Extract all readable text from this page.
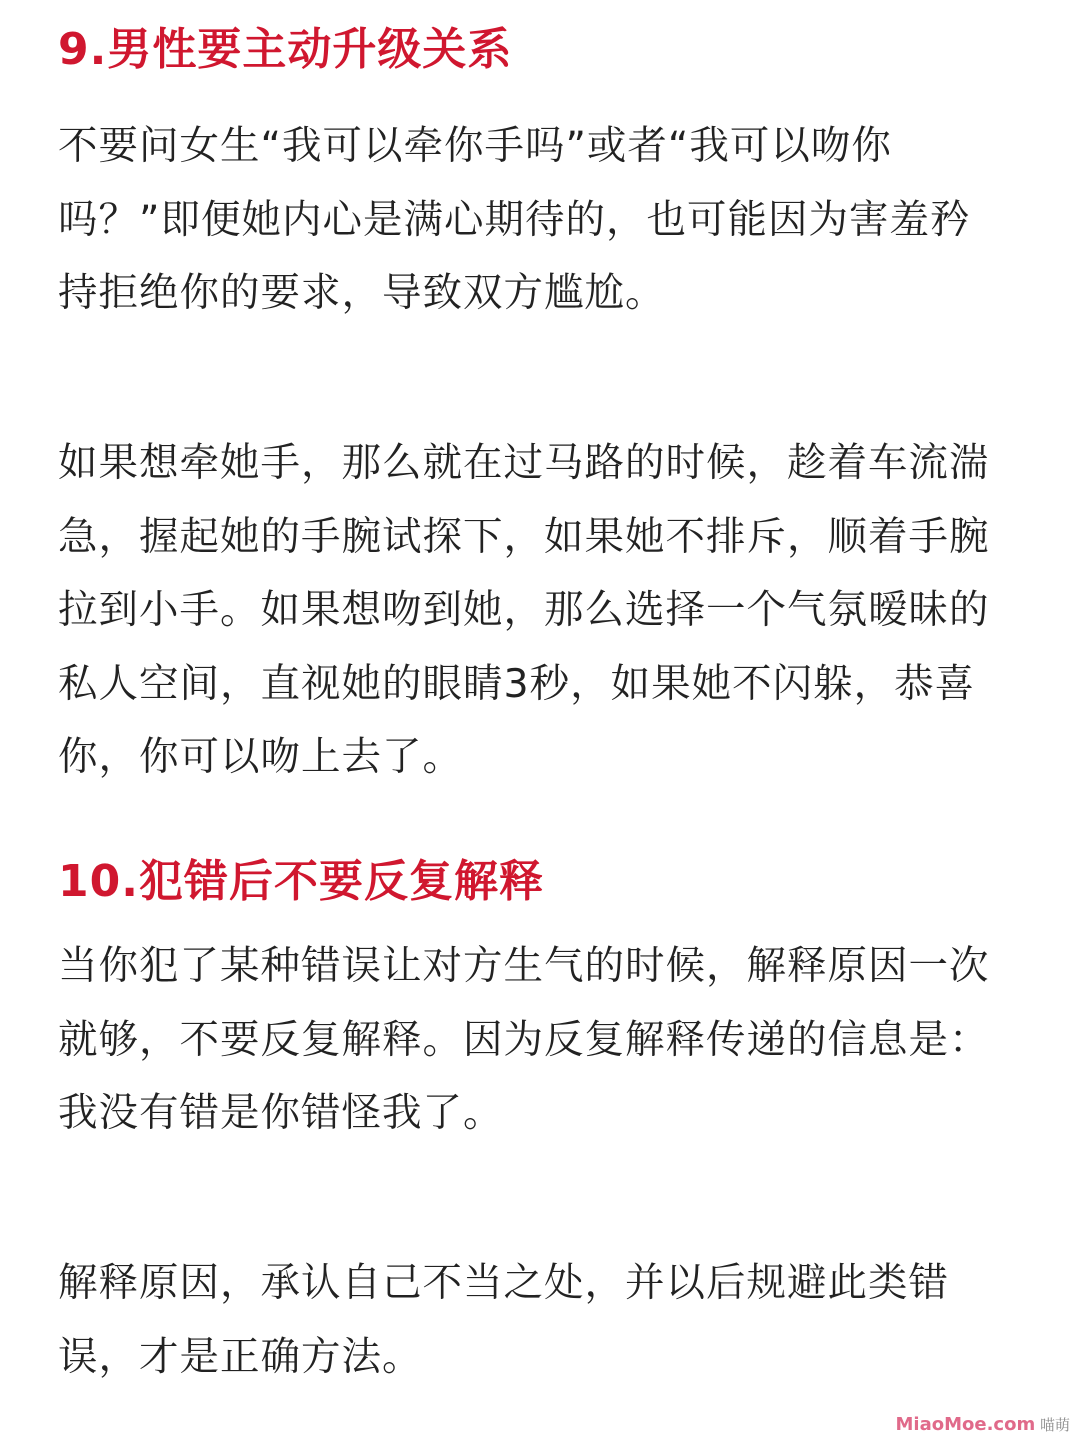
9.男性要主动升级关系

不要问女生“我可以牵你手吗”或者“我可以吻你
吗？”即便她内心是满心期待的，也可能因为害羞矜
持拒绝你的要求，导致双方尴尬。

如果想牵她手，那么就在过马路的时候，趁着车流湍
急，握起她的手腕试探下，如果她不排斥，顺着手腕
拉到小手。如果想吻到她，那么选择一个气氛暧昧的
私人空间，直视她的眼睛3秒，如果她不闪躲，恭喜
你，你可以吻上去了。

10.犯错后不要反复解释

当你犯了某种错误让对方生气的时候，解释原因一次
就够，不要反复解释。因为反复解释传递的信息是：
我没有错是你错怪我了。

解释原因，承认自己不当之处，并以后规避此类错
误，才是正确方法。

MiaoMoe.com 喵萌
